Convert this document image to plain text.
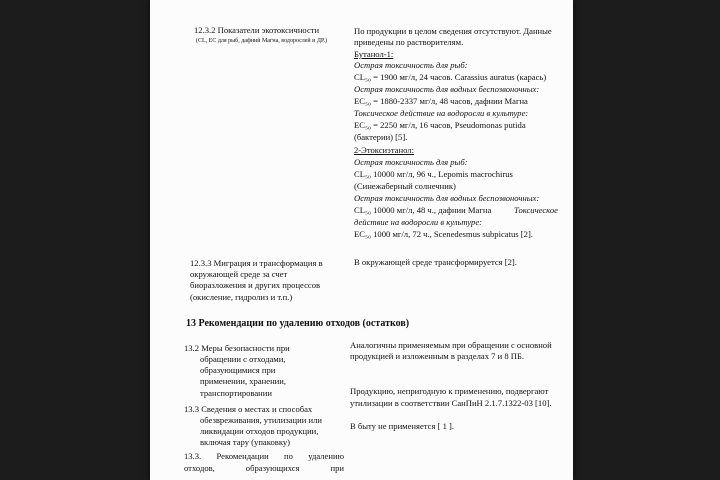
12.3.2 Показатели экотоксичности
(CL, EC для рыб, дафний Магна, водорослей и ДР.)
По продукции в целом сведения отсутствуют. Данные
приведены по растворителям.
Бутанол-1:
Острая токсичность для рыб:
CL₅₀ = 1900 мг/л, 24 часов. Carassius auratus (карась)
Острая токсичность для водных беспозвоночных:
EC₅₀ = 1880-2337 мг/л, 48 часов, дафнии Магна
Токсическое действие на водоросли в культуре:
EC₅₀ = 2250 мг/л, 16 часов, Pseudomonas putida
(бактерии) [5].
2-Этоксиэтанол:
Острая токсичность для рыб:
CL₅₀ 10000 мг/л, 96 ч., Lepomis macrochirus
(Синежаберный солнечник)
Острая токсичность для водных беспозвоночных:
CL₅₀ 10000 мг/л, 48 ч., дафнии Магна	Токсическое
действие на водоросли в культуре:
EC₅₀ 1000 мг/л, 72 ч., Scenedesmus subpicatus [2].
12.3.3 Миграция и трансформация в
окружающей среде за счет
биоразложения и других процессов
(окисление, гидролиз и т.п.)
В окружающей среде трансформируется [2].
13 Рекомендации по удалению отходов (остатков)
13.2 Меры безопасности при
обращении с отходами,
образующимися при
применении, хранении,
транспортировании
Аналогичны применяемым при обращении с основной
продукцией и изложенным в разделах 7 и 8 ПБ.
13.3 Сведения о местах и способах
обезвреживания, утилизации или
ликвидации отходов продукции,
включая тару (упаковку)
Продукцию, непригодную к применению, подвергают
утилизации в соответствии СанПиН 2.1.7.1322-03 [10].
13.3. Рекомендации по удалению
отходов, образующихся при
В быту не применяется [ 1 ].
